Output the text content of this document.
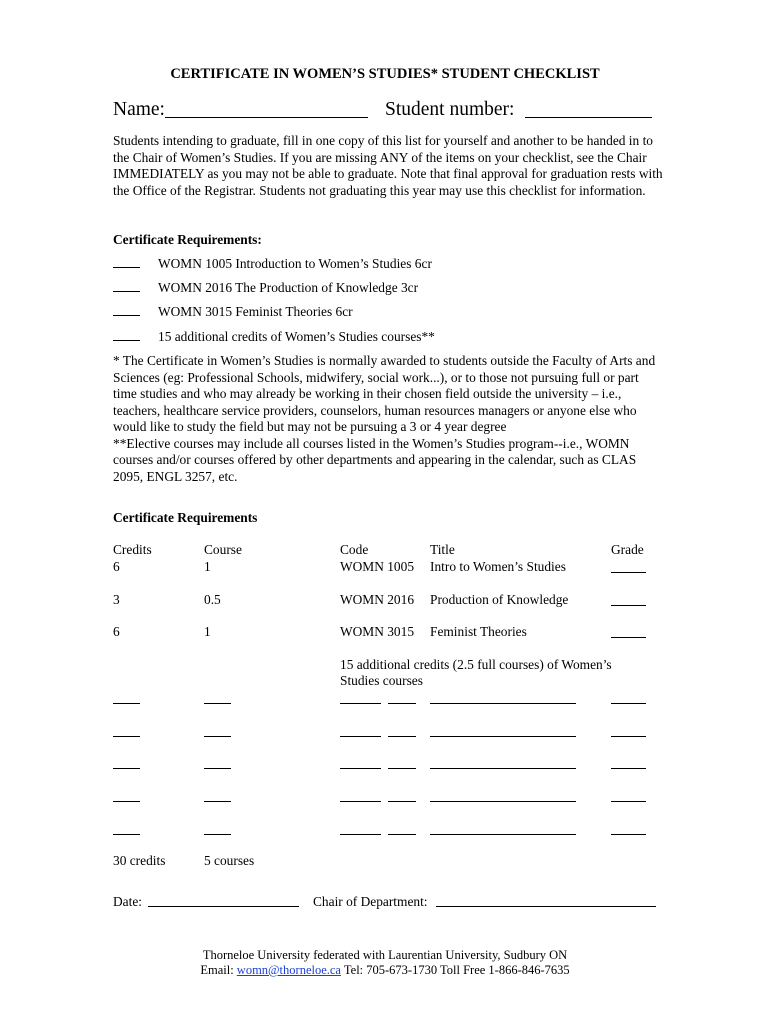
CERTIFICATE IN WOMEN’S STUDIES* STUDENT CHECKLIST
Name:	Student number:
Students intending to graduate, fill in one copy of this list for yourself and another to be handed in to the Chair of Women’s Studies. If you are missing ANY of the items on your checklist, see the Chair IMMEDIATELY as you may not be able to graduate. Note that final approval for graduation rests with the Office of the Registrar. Students not graduating this year may use this checklist for information.
Certificate Requirements:
WOMN 1005 Introduction to Women’s Studies 6cr
WOMN 2016 The Production of Knowledge 3cr
WOMN 3015 Feminist Theories 6cr
15 additional credits of Women’s Studies courses**
* The Certificate in Women’s Studies is normally awarded to students outside the Faculty of Arts and Sciences (eg: Professional Schools, midwifery, social work...), or to those not pursuing full or part time studies and who may already be working in their chosen field outside the university – i.e., teachers, healthcare service providers, counselors, human resources managers or anyone else who would like to study the field but may not be pursuing a 3 or 4 year degree
**Elective courses may include all courses listed in the Women’s Studies program--i.e., WOMN courses and/or courses offered by other departments and appearing in the calendar, such as CLAS 2095, ENGL 3257, etc.
Certificate Requirements
Credits	Course	Code	Title	Grade
6	1	WOMN 1005 Intro to Women’s Studies
3	0.5	WOMN 2016 Production of Knowledge
6	1	WOMN 3015 Feminist Theories
15 additional credits (2.5 full courses) of Women’s
Studies courses
30 credits	5 courses
Date:	Chair of Department:
Thorneloe University federated with Laurentian University, Sudbury ON
Email: womn@thorneloe.ca Tel: 705-673-1730 Toll Free 1-866-846-7635
